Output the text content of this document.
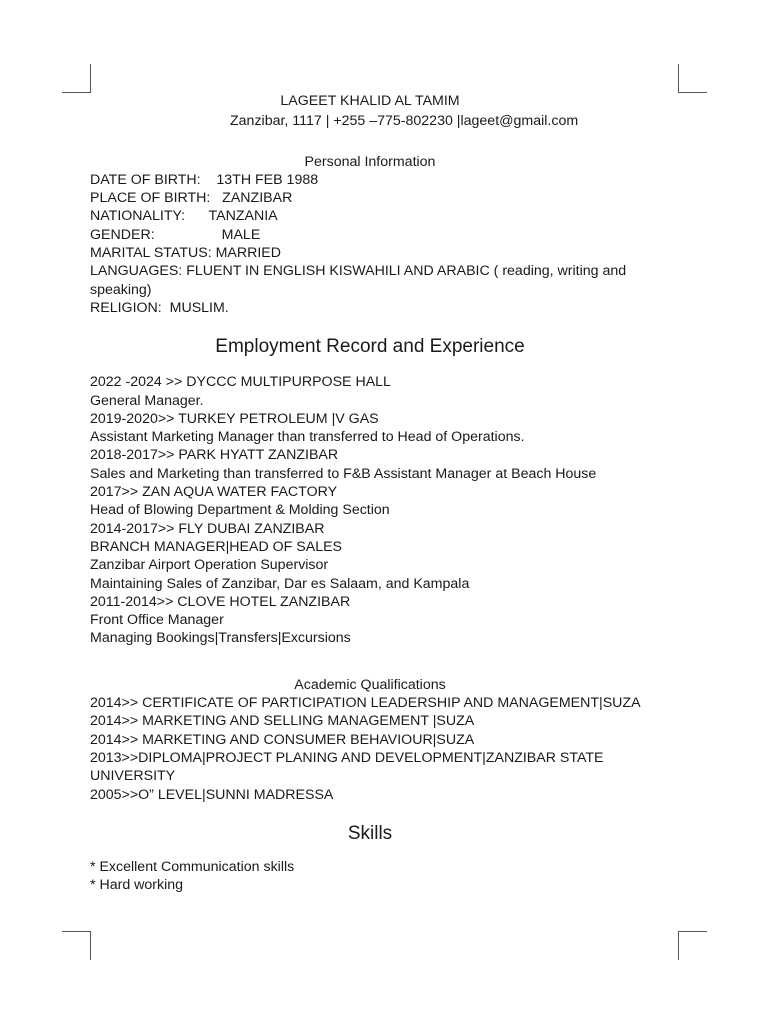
LAGEET KHALID AL TAMIM

Zanzibar, 1117 | +255 –775-802230 |lageet@gmail.com

Personal Information

DATE OF BIRTH:    13TH FEB 1988

PLACE OF BIRTH:   ZANZIBAR

NATIONALITY:      TANZANIA

GENDER:                 MALE

MARITAL STATUS: MARRIED

LANGUAGES: FLUENT IN ENGLISH KISWAHILI AND ARABIC ( reading, writing and speaking)

RELIGION:  MUSLIM.

Employment Record and Experience

2022 -2024 >> DYCCC MULTIPURPOSE HALL

General Manager.

2019-2020>> TURKEY PETROLEUM |V GAS

Assistant Marketing Manager than transferred to Head of Operations.

2018-2017>> PARK HYATT ZANZIBAR

Sales and Marketing than transferred to F&B Assistant Manager at Beach House

2017>> ZAN AQUA WATER FACTORY

Head of Blowing Department & Molding Section

2014-2017>> FLY DUBAI ZANZIBAR

BRANCH MANAGER|HEAD OF SALES

Zanzibar Airport Operation Supervisor

Maintaining Sales of Zanzibar, Dar es Salaam, and Kampala

2011-2014>> CLOVE HOTEL ZANZIBAR

Front Office Manager

Managing Bookings|Transfers|Excursions

Academic Qualifications

2014>> CERTIFICATE OF PARTICIPATION LEADERSHIP AND MANAGEMENT|SUZA

2014>> MARKETING AND SELLING MANAGEMENT |SUZA

2014>> MARKETING AND CONSUMER BEHAVIOUR|SUZA

2013>>DIPLOMA|PROJECT PLANING AND DEVELOPMENT|ZANZIBAR STATE UNIVERSITY

2005>>O” LEVEL|SUNNI MADRESSA

Skills

* Excellent Communication skills

* Hard working
